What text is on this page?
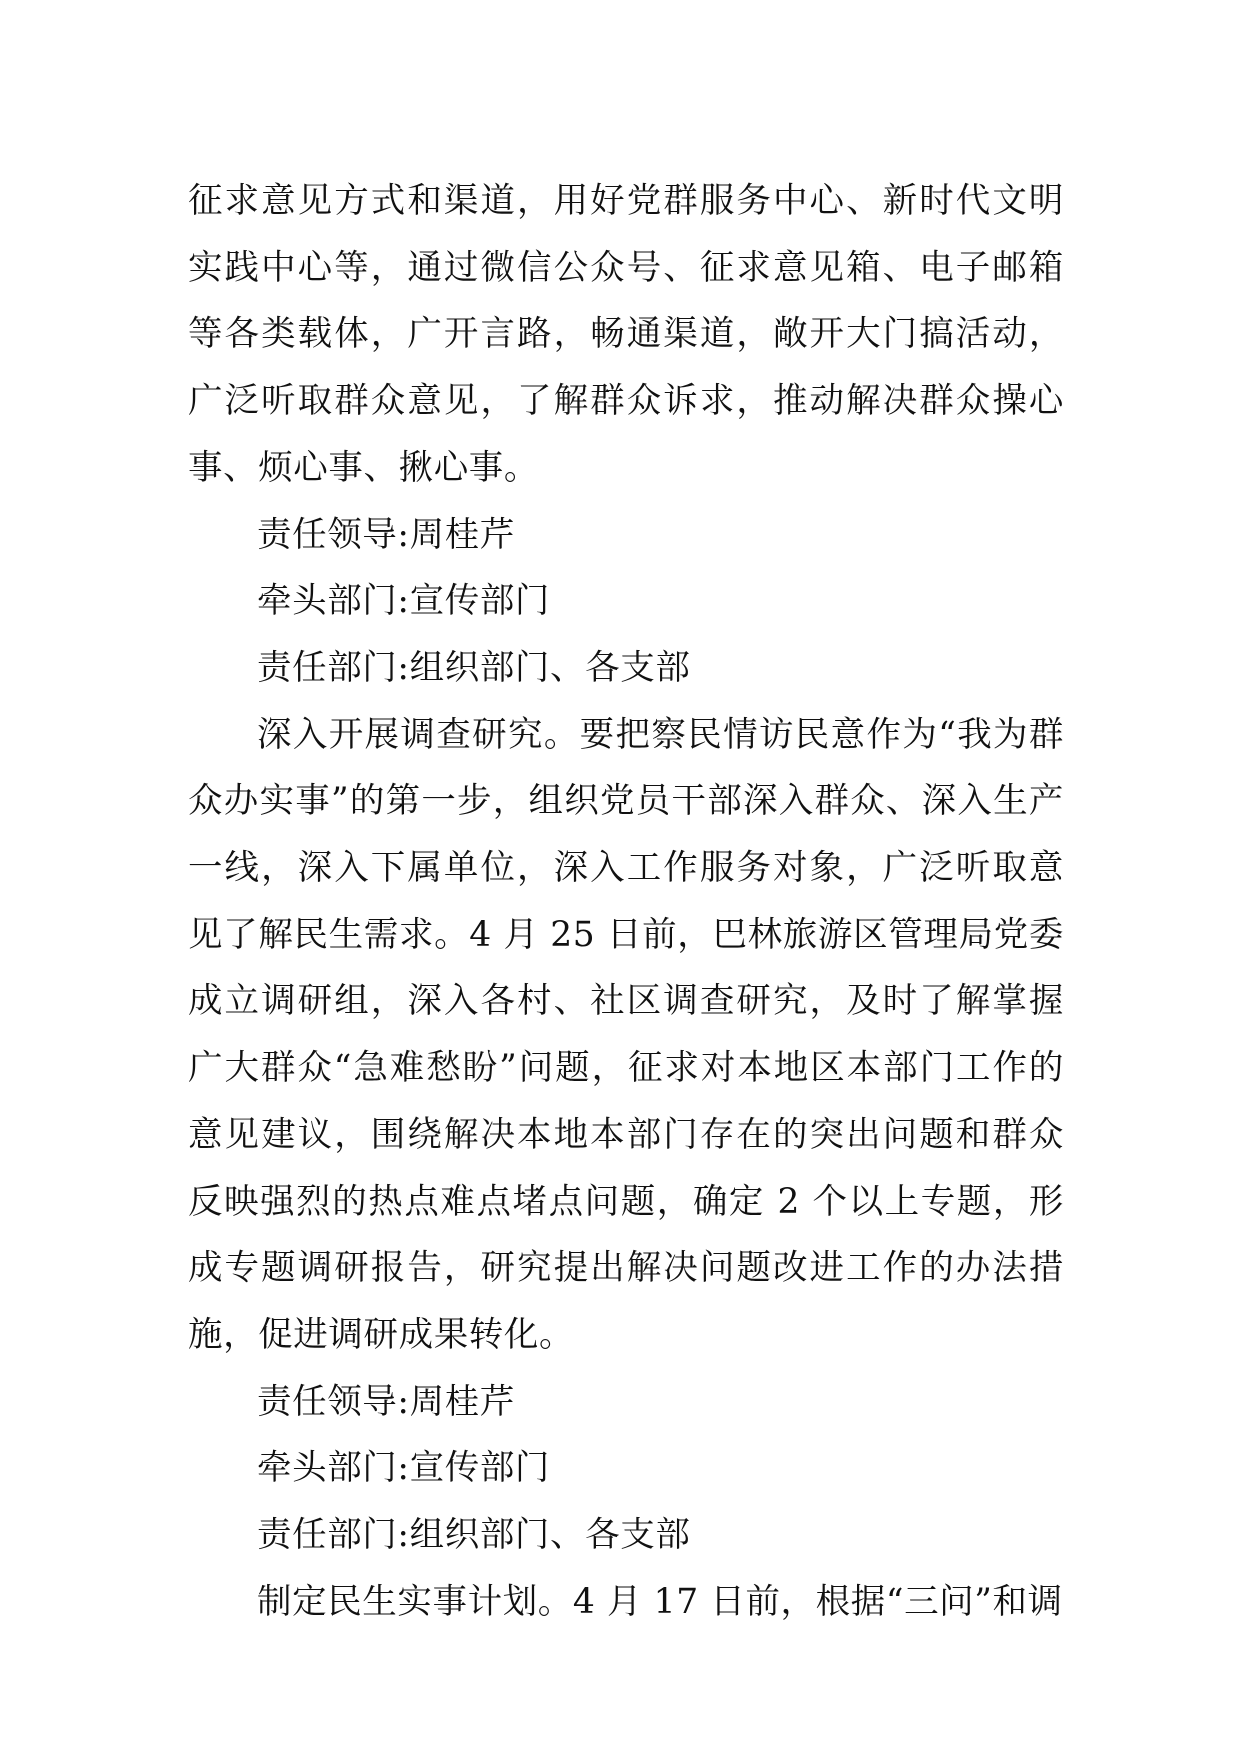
征求意见方式和渠道，用好党群服务中心、新时代文明实践中心等，通过微信公众号、征求意见箱、电子邮箱等各类载体，广开言路，畅通渠道，敞开大门搞活动，广泛听取群众意见，了解群众诉求，推动解决群众操心事、烦心事、揪心事。

责任领导:周桂芹

牵头部门:宣传部门

责任部门:组织部门、各支部

深入开展调查研究。要把察民情访民意作为“我为群众办实事”的第一步，组织党员干部深入群众、深入生产一线，深入下属单位，深入工作服务对象，广泛听取意见了解民生需求。4 月 25 日前，巴林旅游区管理局党委成立调研组，深入各村、社区调查研究，及时了解掌握广大群众“急难愁盼”问题，征求对本地区本部门工作的意见建议，围绕解决本地本部门存在的突出问题和群众反映强烈的热点难点堵点问题，确定 2 个以上专题，形成专题调研报告，研究提出解决问题改进工作的办法措施，促进调研成果转化。

责任领导:周桂芹

牵头部门:宣传部门

责任部门:组织部门、各支部

制定民生实事计划。4 月 17 日前，根据“三问”和调
